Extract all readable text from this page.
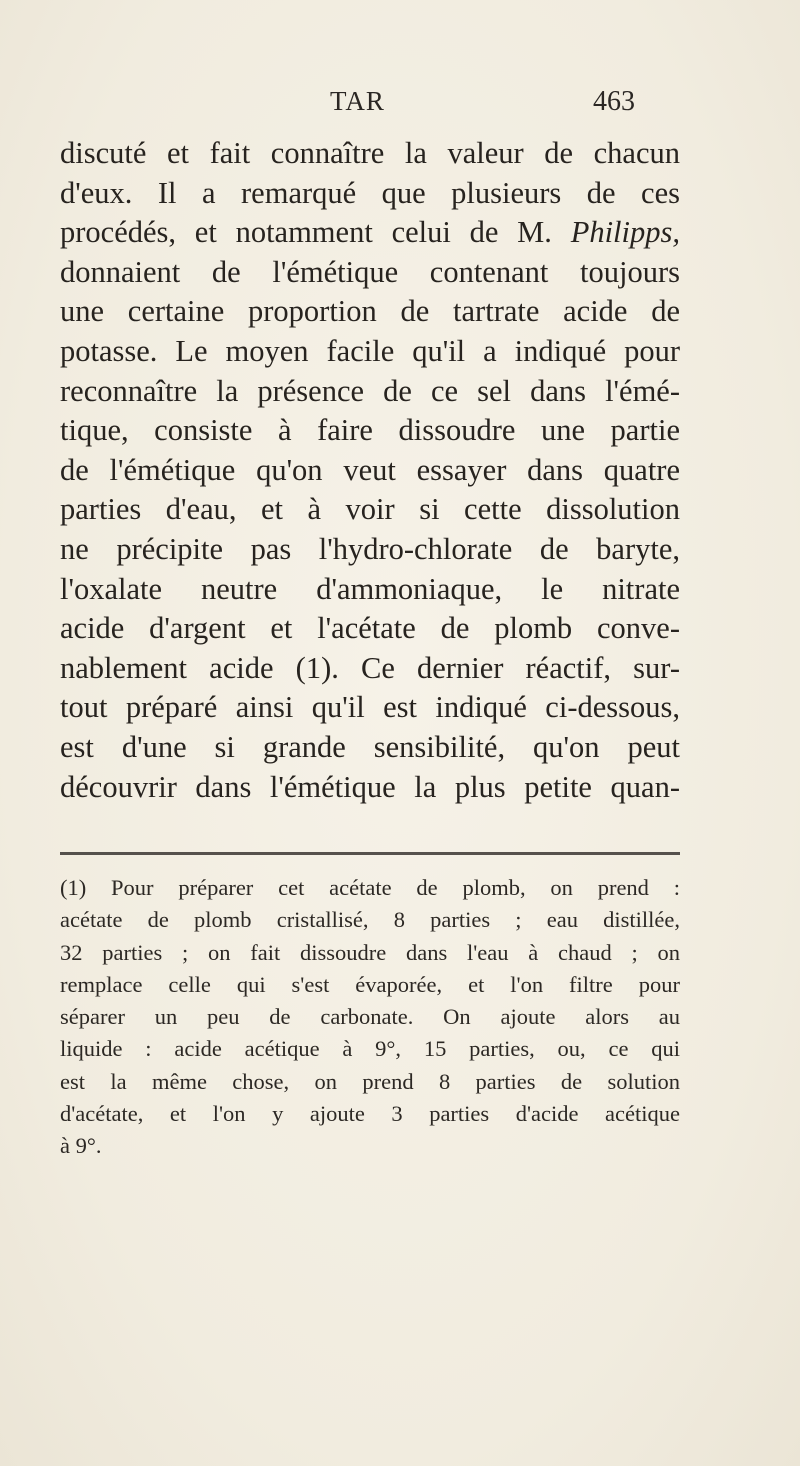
TAR	463
discuté et fait connaître la valeur de chacun
d'eux. Il a remarqué que plusieurs de ces
procédés, et notamment celui de M. Philipps,
donnaient de l'émétique contenant toujours
une certaine proportion de tartrate acide de
potasse. Le moyen facile qu'il a indiqué pour
reconnaître la présence de ce sel dans l'émé-
tique, consiste à faire dissoudre une partie
de l'émétique qu'on veut essayer dans quatre
parties d'eau, et à voir si cette dissolution
ne précipite pas l'hydro-chlorate de baryte,
l'oxalate neutre d'ammoniaque, le nitrate
acide d'argent et l'acétate de plomb conve-
nablement acide (1). Ce dernier réactif, sur-
tout préparé ainsi qu'il est indiqué ci-dessous,
est d'une si grande sensibilité, qu'on peut
découvrir dans l'émétique la plus petite quan-
(1) Pour préparer cet acétate de plomb, on prend :
acétate de plomb cristallisé, 8 parties ; eau distillée,
32 parties ; on fait dissoudre dans l'eau à chaud ; on
remplace celle qui s'est évaporée, et l'on filtre pour
séparer un peu de carbonate. On ajoute alors au
liquide : acide acétique à 9°, 15 parties, ou, ce qui
est la même chose, on prend 8 parties de solution
d'acétate, et l'on y ajoute 3 parties d'acide acétique
à 9°.
